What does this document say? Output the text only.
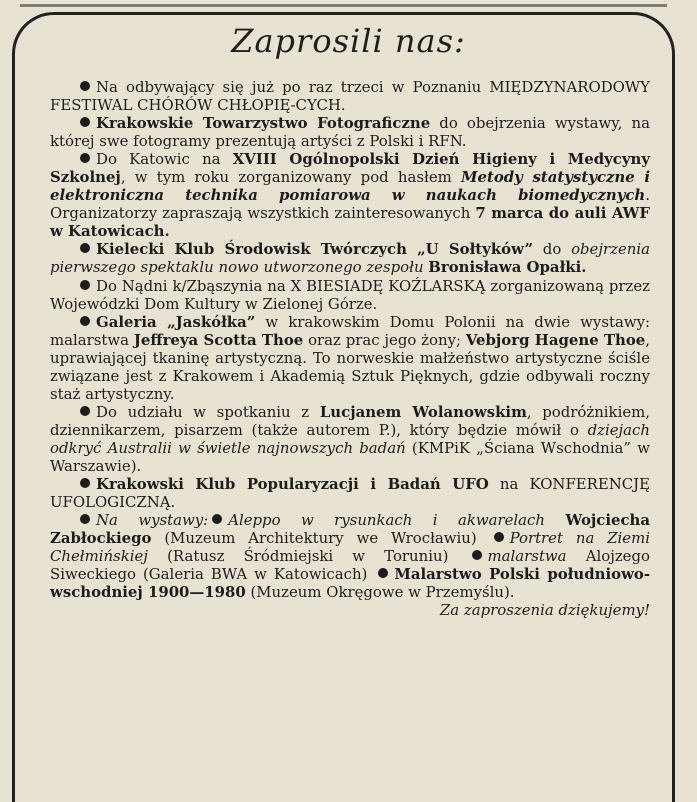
Zaprosili nas:

Na odbywający się już po raz trzeci w Poznaniu MIĘDZYNARODOWY FESTIWAL CHÓRÓW CHŁOPIĘ-CYCH.

Krakowskie Towarzystwo Fotograficzne do obejrzenia wystawy, na której swe fotogramy prezentują artyści z Polski i RFN.

Do Katowic na XVIII Ogólnopolski Dzień Higieny i Medycyny Szkolnej, w tym roku zorganizowany pod hasłem Metody statystyczne i elektroniczna technika pomiarowa w naukach biomedycznych. Organizatorzy zapraszają wszystkich zainteresowanych 7 marca do auli AWF w Katowicach.

Kielecki Klub Środowisk Twórczych „U Sołtyków” do obejrzenia pierwszego spektaklu nowo utworzonego zespołu Bronisława Opałki.

Do Nądni k/Zbąszynia na X BIESIADĘ KOŹLARSKĄ zorganizowaną przez Wojewódzki Dom Kultury w Zielonej Górze.

Galeria „Jaskółka” w krakowskim Domu Polonii na dwie wystawy: malarstwa Jeffreya Scotta Thoe oraz prac jego żony; Vebjorg Hagene Thoe, uprawiającej tkaninę artystyczną. To norweskie małżeństwo artystyczne ściśle związane jest z Krakowem i Akademią Sztuk Pięknych, gdzie odbywali roczny staż artystyczny.

Do udziału w spotkaniu z Lucjanem Wolanowskim, podróżnikiem, dziennikarzem, pisarzem (także autorem P.), który będzie mówił o dziejach odkryć Australii w świetle najnowszych badań (KMPiK „Ściana Wschodnia” w Warszawie).

Krakowski Klub Popularyzacji i Badań UFO na KONFERENCJĘ UFOLOGICZNĄ.

Na wystawy: Aleppo w rysunkach i akwarelach Wojciecha Zabłockiego (Muzeum Architektury we Wrocławiu) Portret na Ziemi Chełmińskiej (Ratusz Śródmiejski w Toruniu) malarstwa Alojzego Siweckiego (Galeria BWA w Katowicach) Malarstwo Polski południowo-wschodniej 1900—1980 (Muzeum Okręgowe w Przemyślu).
Za zaproszenia dziękujemy!
